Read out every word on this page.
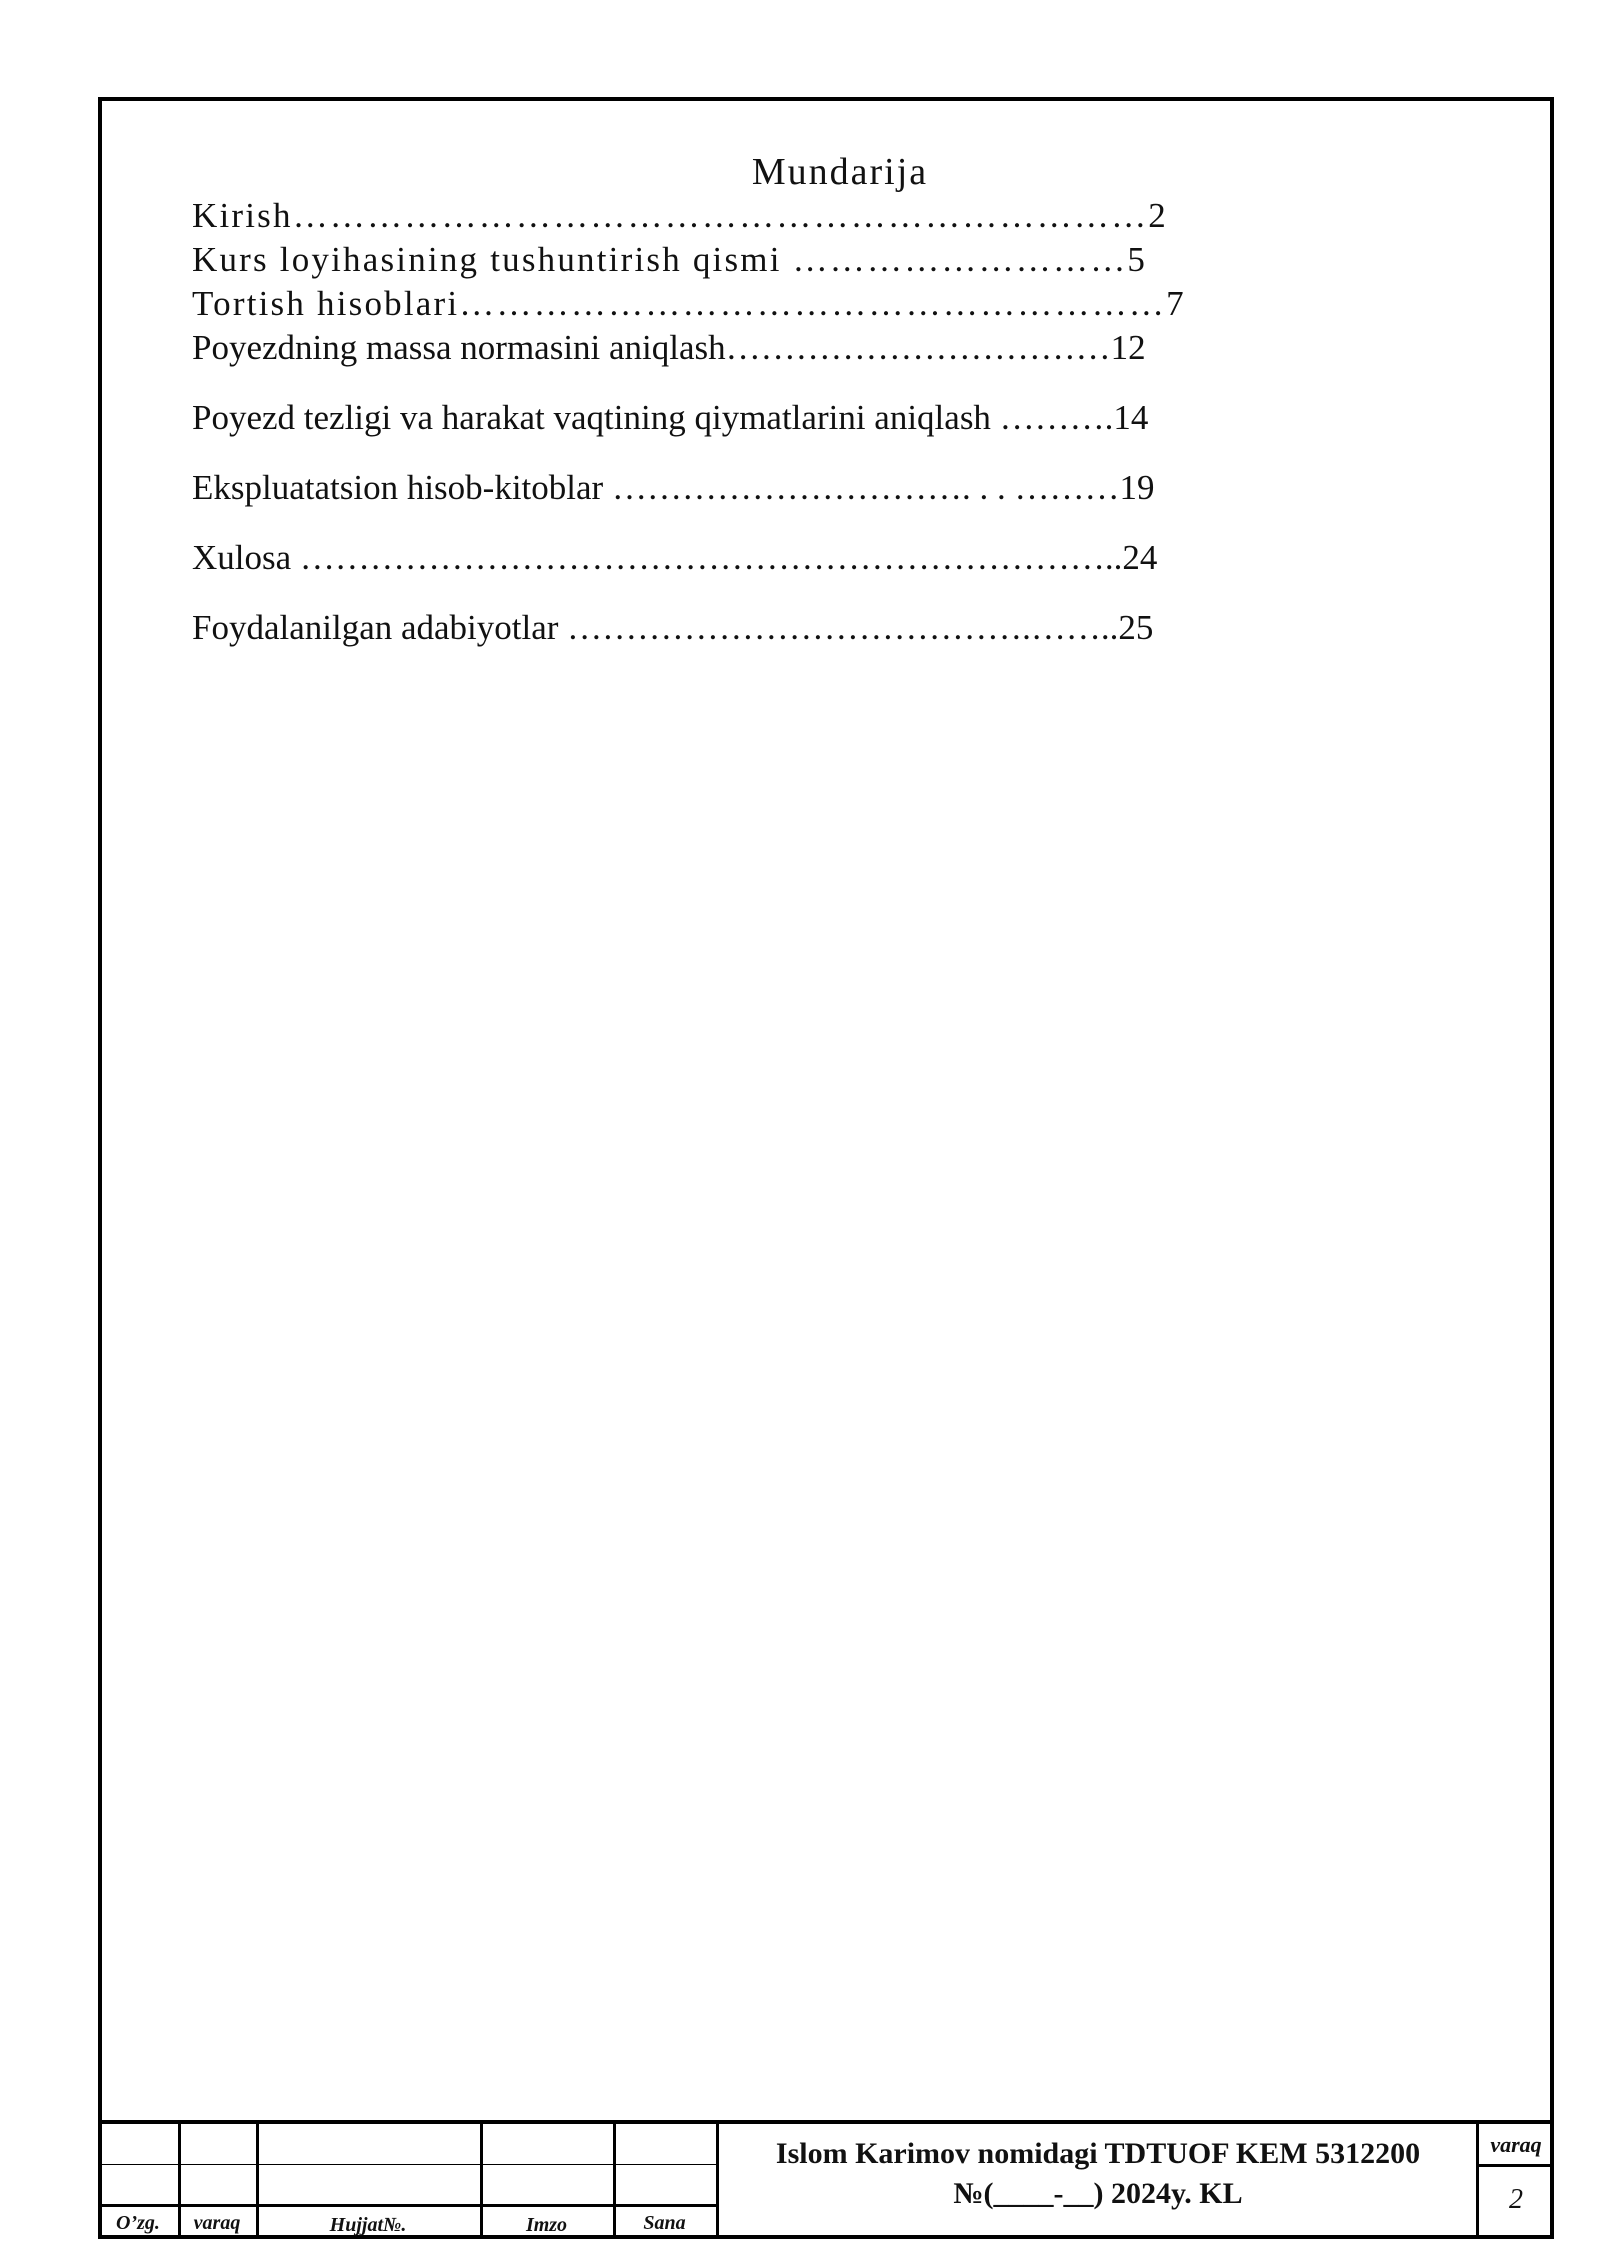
Mundarija
Kirish……………………………………………………………2
Kurs loyihasining tushuntirish qismi ………………………5
Tortish hisoblari…………………………………………………7
Poyezdning massa normasini aniqlash……………………………12
Poyezd tezligi va harakat vaqtining qiymatlarini aniqlash ……….14
Ekspluatatsion hisob-kitoblar …………………………. . . ………19
Xulosa ……………………………………………………………..24
Foydalanilgan adabiyotlar ………………………………….……..25
O’zg.	varaq	Hujjat№.	Imzo	Sana
Islom Karimov nomidagi TDTUOF KEM 5312200
№(____-__) 2024y. KL
varaq
2
